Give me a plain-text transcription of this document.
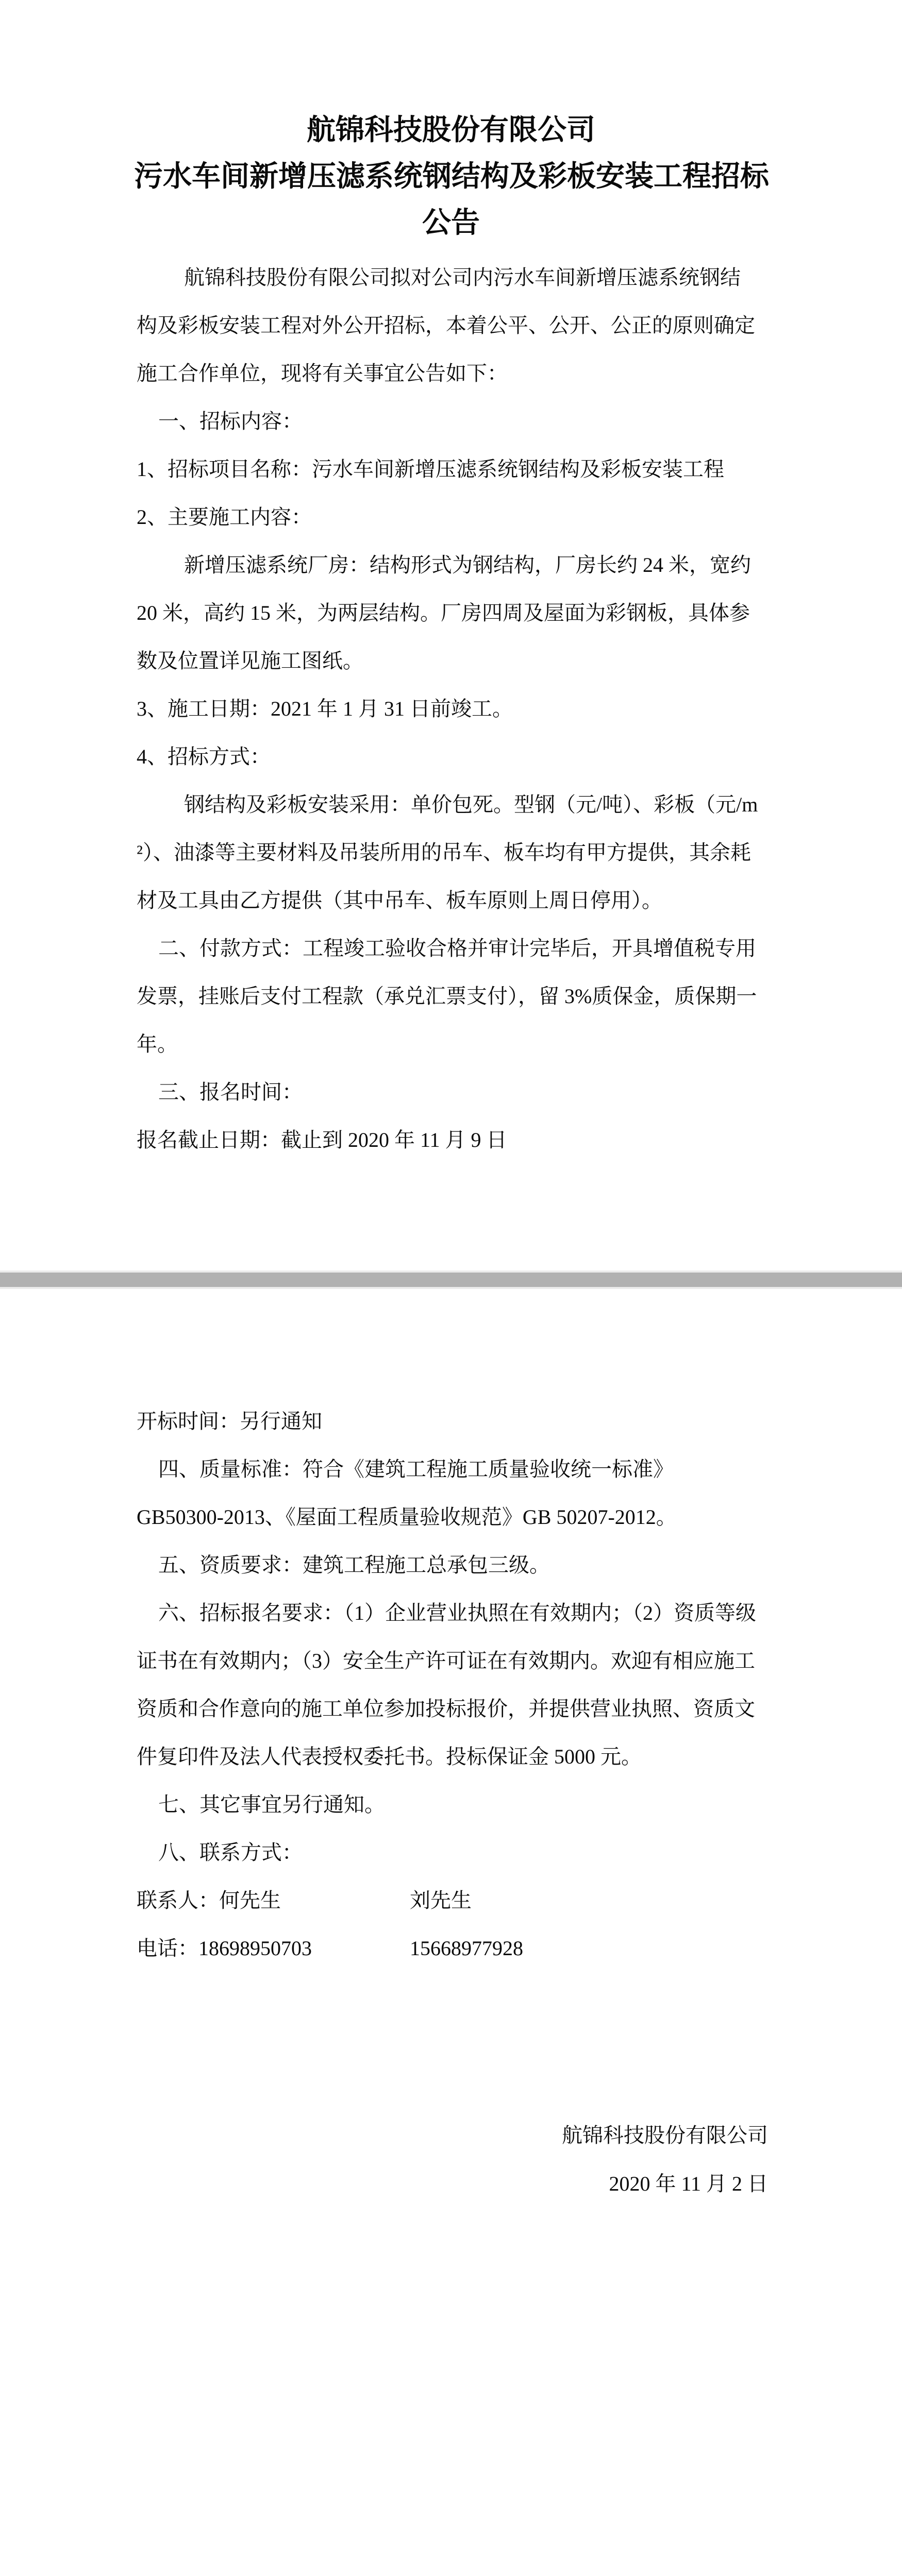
航锦科技股份有限公司
污水车间新增压滤系统钢结构及彩板安装工程招标
公告
航锦科技股份有限公司拟对公司内污水车间新增压滤系统钢结
构及彩板安装工程对外公开招标，本着公平、公开、公正的原则确定
施工合作单位，现将有关事宜公告如下：
一、招标内容：
1、招标项目名称：污水车间新增压滤系统钢结构及彩板安装工程
2、主要施工内容：
新增压滤系统厂房：结构形式为钢结构，厂房长约 24 米，宽约
20 米，高约 15 米，为两层结构。厂房四周及屋面为彩钢板，具体参
数及位置详见施工图纸。
3、施工日期：2021 年 1 月 31 日前竣工。
4、招标方式：
钢结构及彩板安装采用：单价包死。型钢（元/吨）、彩板（元/m
²）、油漆等主要材料及吊装所用的吊车、板车均有甲方提供，其余耗
材及工具由乙方提供（其中吊车、板车原则上周日停用）。
二、付款方式：工程竣工验收合格并审计完毕后，开具增值税专用
发票，挂账后支付工程款（承兑汇票支付），留 3%质保金，质保期一
年。
三、报名时间：
报名截止日期：截止到 2020 年 11 月 9 日
开标时间：另行通知
四、质量标准：符合《建筑工程施工质量验收统一标准》
GB50300-2013、《屋面工程质量验收规范》GB 50207-2012。
五、资质要求：建筑工程施工总承包三级。
六、招标报名要求：（1）企业营业执照在有效期内；（2）资质等级
证书在有效期内；（3）安全生产许可证在有效期内。欢迎有相应施工
资质和合作意向的施工单位参加投标报价，并提供营业执照、资质文
件复印件及法人代表授权委托书。投标保证金 5000 元。
七、其它事宜另行通知。
八、联系方式：
联系人：何先生	刘先生
电话：18698950703	15668977928
航锦科技股份有限公司
2020 年 11 月 2 日
